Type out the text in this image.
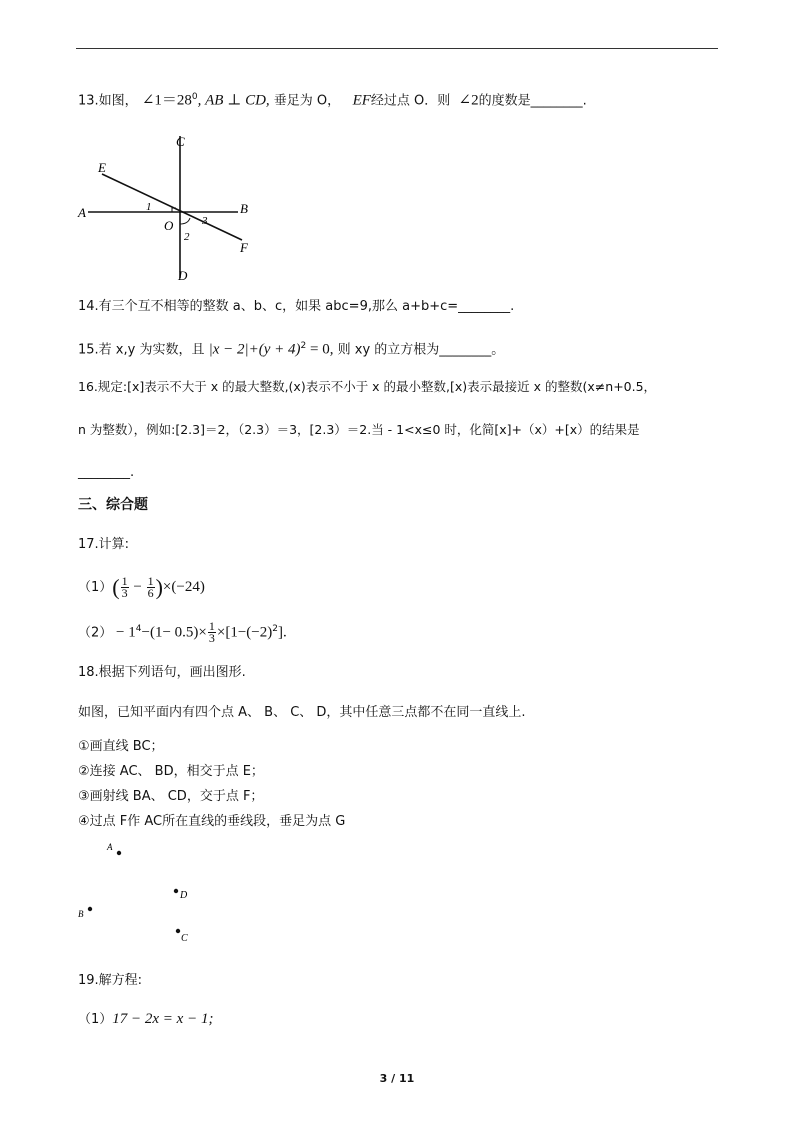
13.如图， $\angle 1=28^0$, AB ⊥ CD, 垂足为 O， EF经过点 O．则 ∠2的度数是________.
E
A	B
C
D
F
O
1
2
3
14.有三个互不相等的整数 a、b、c，如果 abc=9,那么 a+b+c=________.
15.若 x,y 为实数，且 $|x - 2|+(y + 4)^2 = 0$, 则 xy 的立方根为________。
16.规定:[x]表示不大于 x 的最大整数,(x)表示不小于 x 的最小整数,[x)表示最接近 x 的整数(x≠n+0.5，
n 为整数），例如:[2.3]＝2，（2.3）＝3，[2.3）＝2.当 - 1<x≤0 时，化简[x]+（x）+[x）的结果是
________.
三、综合题
17.计算:
$(1)( \frac{1}{3} - \frac{1}{6} )\times(-24)$
$(2) - 1^4-(1- 0.5)\times \frac{1}{3} \times[1-(-2)^2]$.
18.根据下列语句，画出图形.
如图，已知平面内有四个点 A、 B、 C、 D，其中任意三点都不在同一直线上.
①画直线 BC；
②连接 AC、 BD，相交于点 E；
③画射线 BA、 CD，交于点 F；
④过点 F作 AC所在直线的垂线段，垂足为点 G
A
B
D
C
19.解方程:
（1）17 − 2x = x − 1;
3 / 11
